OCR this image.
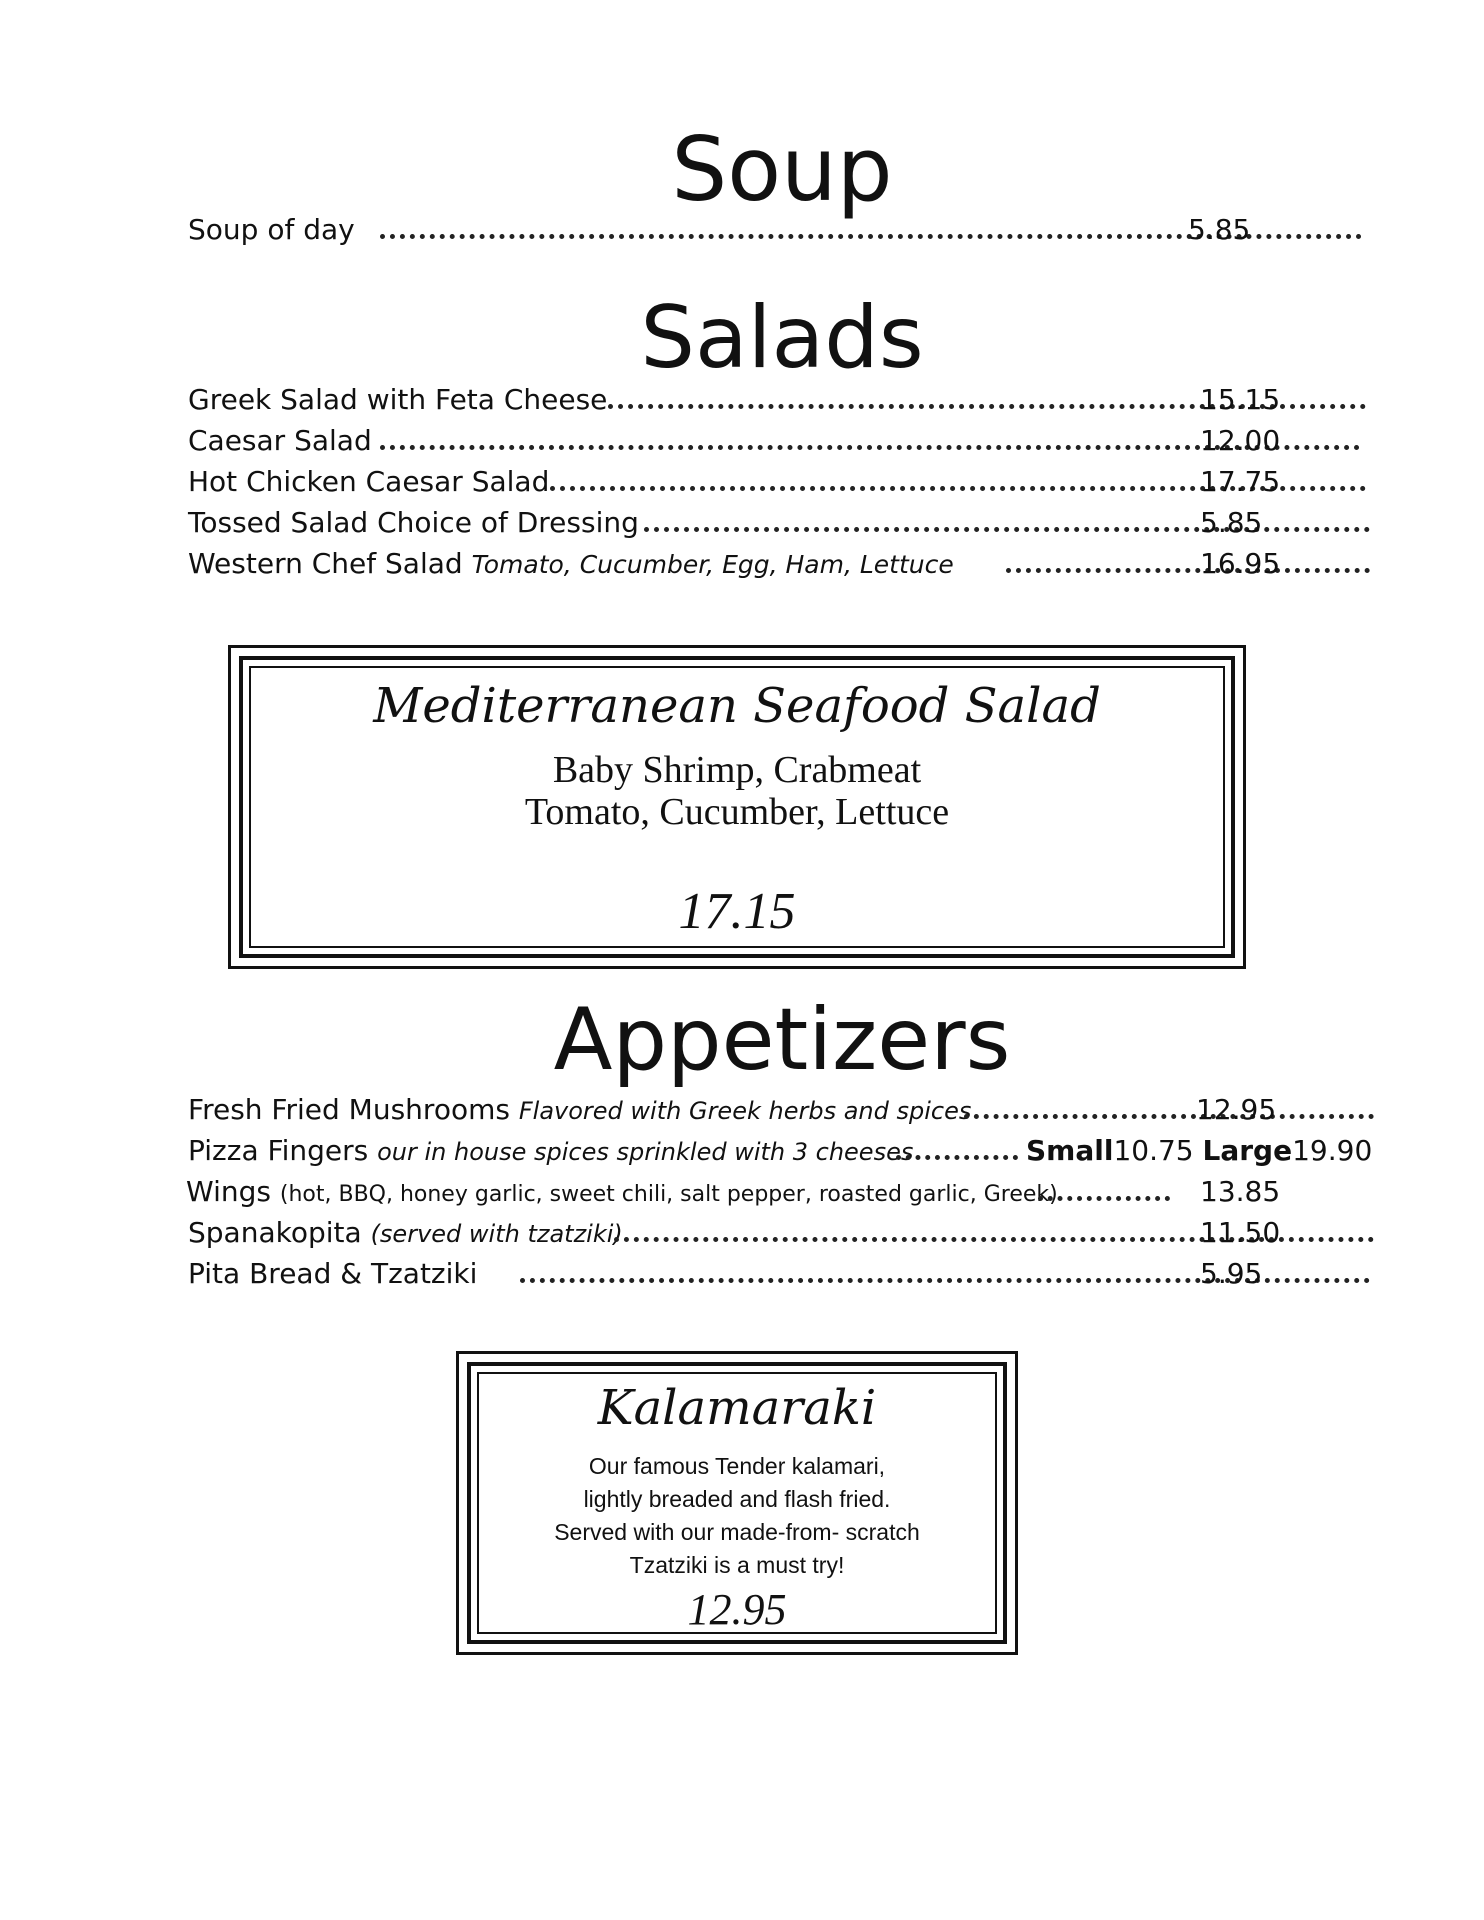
Soup
Soup of day	5.85
Salads
Greek Salad with Feta Cheese	15.15
Caesar Salad	12.00
Hot Chicken Caesar Salad	17.75
Tossed Salad Choice of Dressing	5.85
Western Chef Salad Tomato, Cucumber, Egg, Ham, Lettuce	16.95
Mediterranean Seafood Salad
Baby Shrimp, Crabmeat
Tomato, Cucumber, Lettuce
17.15
Appetizers
Fresh Fried Mushrooms Flavored with Greek herbs and spices	12.95
Pizza Fingers our in house spices sprinkled with 3 cheeses	Small10.75 Large19.90
Wings (hot, BBQ, honey garlic, sweet chili, salt pepper, roasted garlic, Greek)	13.85
Spanakopita (served with tzatziki)	11.50
Pita Bread & Tzatziki	5.95
Kalamaraki
Our famous Tender kalamari,
lightly breaded and flash fried.
Served with our made-from- scratch
Tzatziki is a must try!
12.95
